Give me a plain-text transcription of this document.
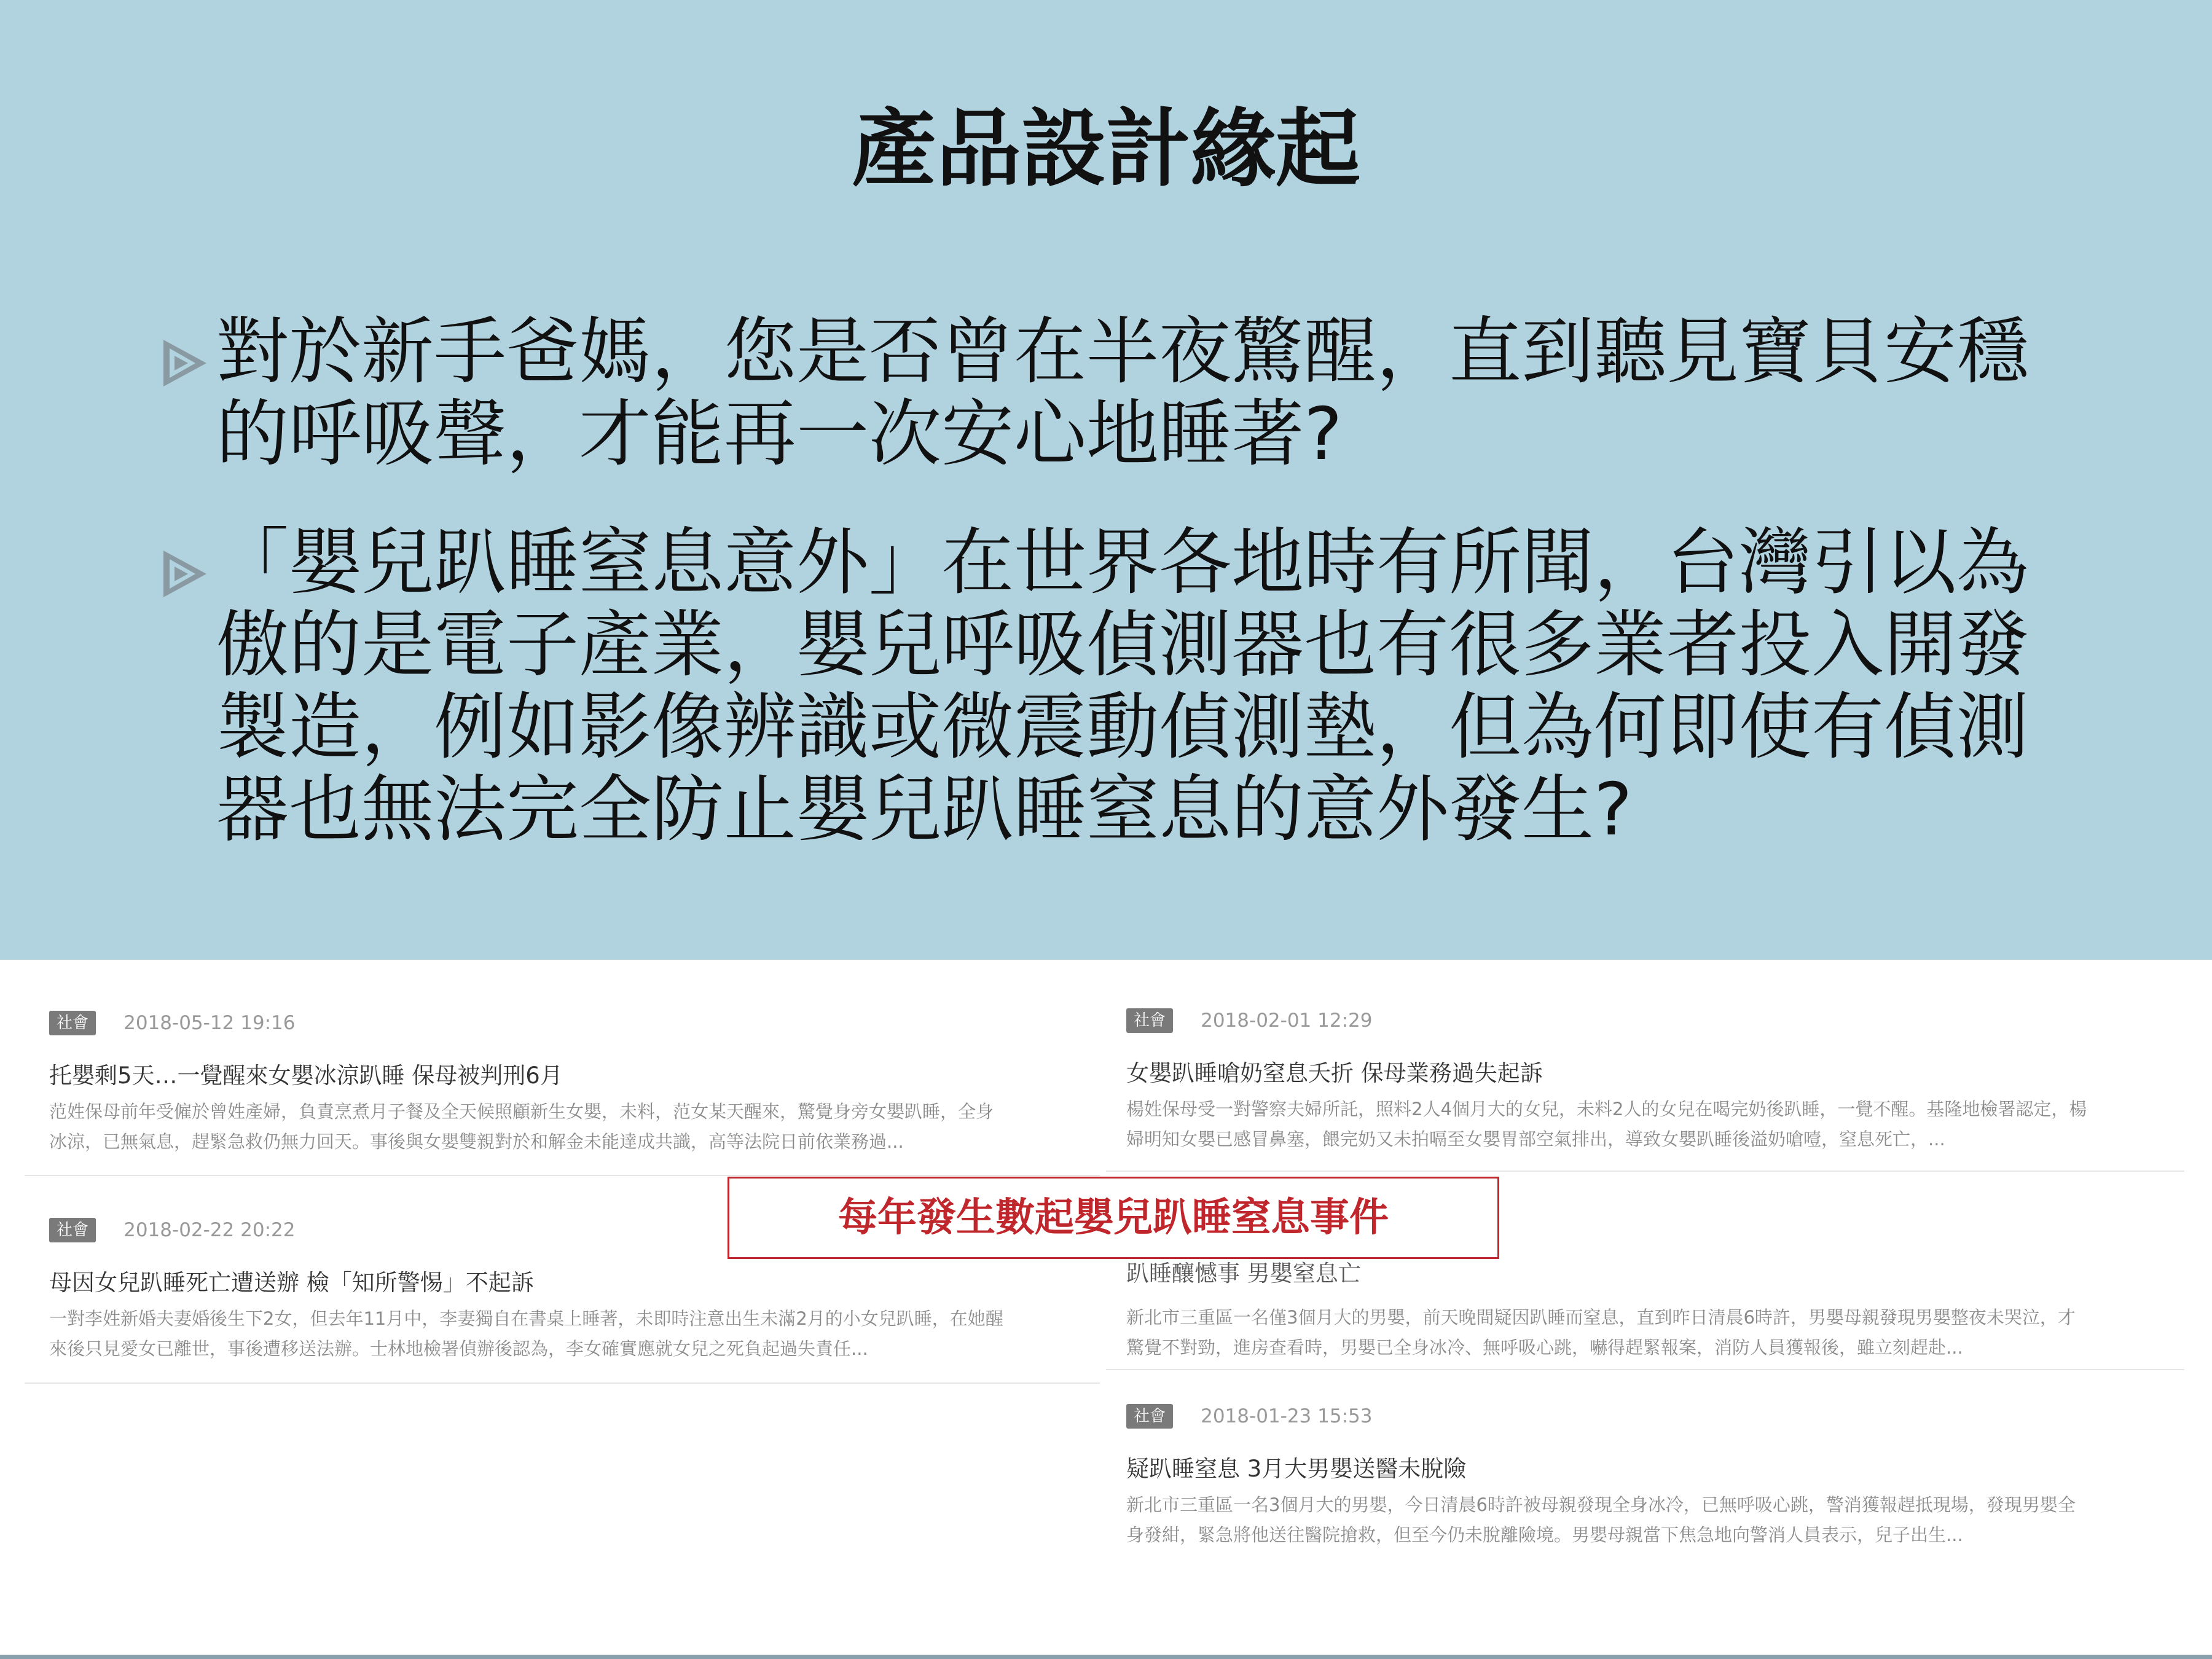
產品設計緣起
對於新手爸媽，您是否曾在半夜驚醒，直到聽見寶貝安穩
的呼吸聲，才能再一次安心地睡著?
「嬰兒趴睡窒息意外」在世界各地時有所聞，台灣引以為
傲的是電子產業，嬰兒呼吸偵測器也有很多業者投入開發
製造，例如影像辨識或微震動偵測墊，但為何即使有偵測
器也無法完全防止嬰兒趴睡窒息的意外發生?
社會 2018-05-12 19:16
托嬰剩5天…一覺醒來女嬰冰涼趴睡 保母被判刑6月
范姓保母前年受僱於曾姓產婦，負責烹煮月子餐及全天候照顧新生女嬰，未料，范女某天醒來，驚覺身旁女嬰趴睡，全身
冰涼，已無氣息，趕緊急救仍無力回天。事後與女嬰雙親對於和解金未能達成共識，高等法院日前依業務過...
社會 2018-02-22 20:22
母因女兒趴睡死亡遭送辦 檢「知所警惕」不起訴
一對李姓新婚夫妻婚後生下2女，但去年11月中，李妻獨自在書桌上睡著，未即時注意出生未滿2月的小女兒趴睡，在她醒
來後只見愛女已離世，事後遭移送法辦。士林地檢署偵辦後認為，李女確實應就女兒之死負起過失責任...
社會 2018-02-01 12:29
女嬰趴睡嗆奶窒息夭折 保母業務過失起訴
楊姓保母受一對警察夫婦所託，照料2人4個月大的女兒，未料2人的女兒在喝完奶後趴睡，一覺不醒。基隆地檢署認定，楊
婦明知女嬰已感冒鼻塞，餵完奶又未拍嗝至女嬰胃部空氣排出，導致女嬰趴睡後溢奶嗆噎，窒息死亡，...
趴睡釀憾事 男嬰窒息亡
新北市三重區一名僅3個月大的男嬰，前天晚間疑因趴睡而窒息，直到昨日清晨6時許，男嬰母親發現男嬰整夜未哭泣，才
驚覺不對勁，進房查看時，男嬰已全身冰冷、無呼吸心跳，嚇得趕緊報案，消防人員獲報後，雖立刻趕赴...
社會 2018-01-23 15:53
疑趴睡窒息 3月大男嬰送醫未脫險
新北市三重區一名3個月大的男嬰，今日清晨6時許被母親發現全身冰冷，已無呼吸心跳，警消獲報趕抵現場，發現男嬰全
身發紺，緊急將他送往醫院搶救，但至今仍未脫離險境。男嬰母親當下焦急地向警消人員表示，兒子出生...
每年發生數起嬰兒趴睡窒息事件
